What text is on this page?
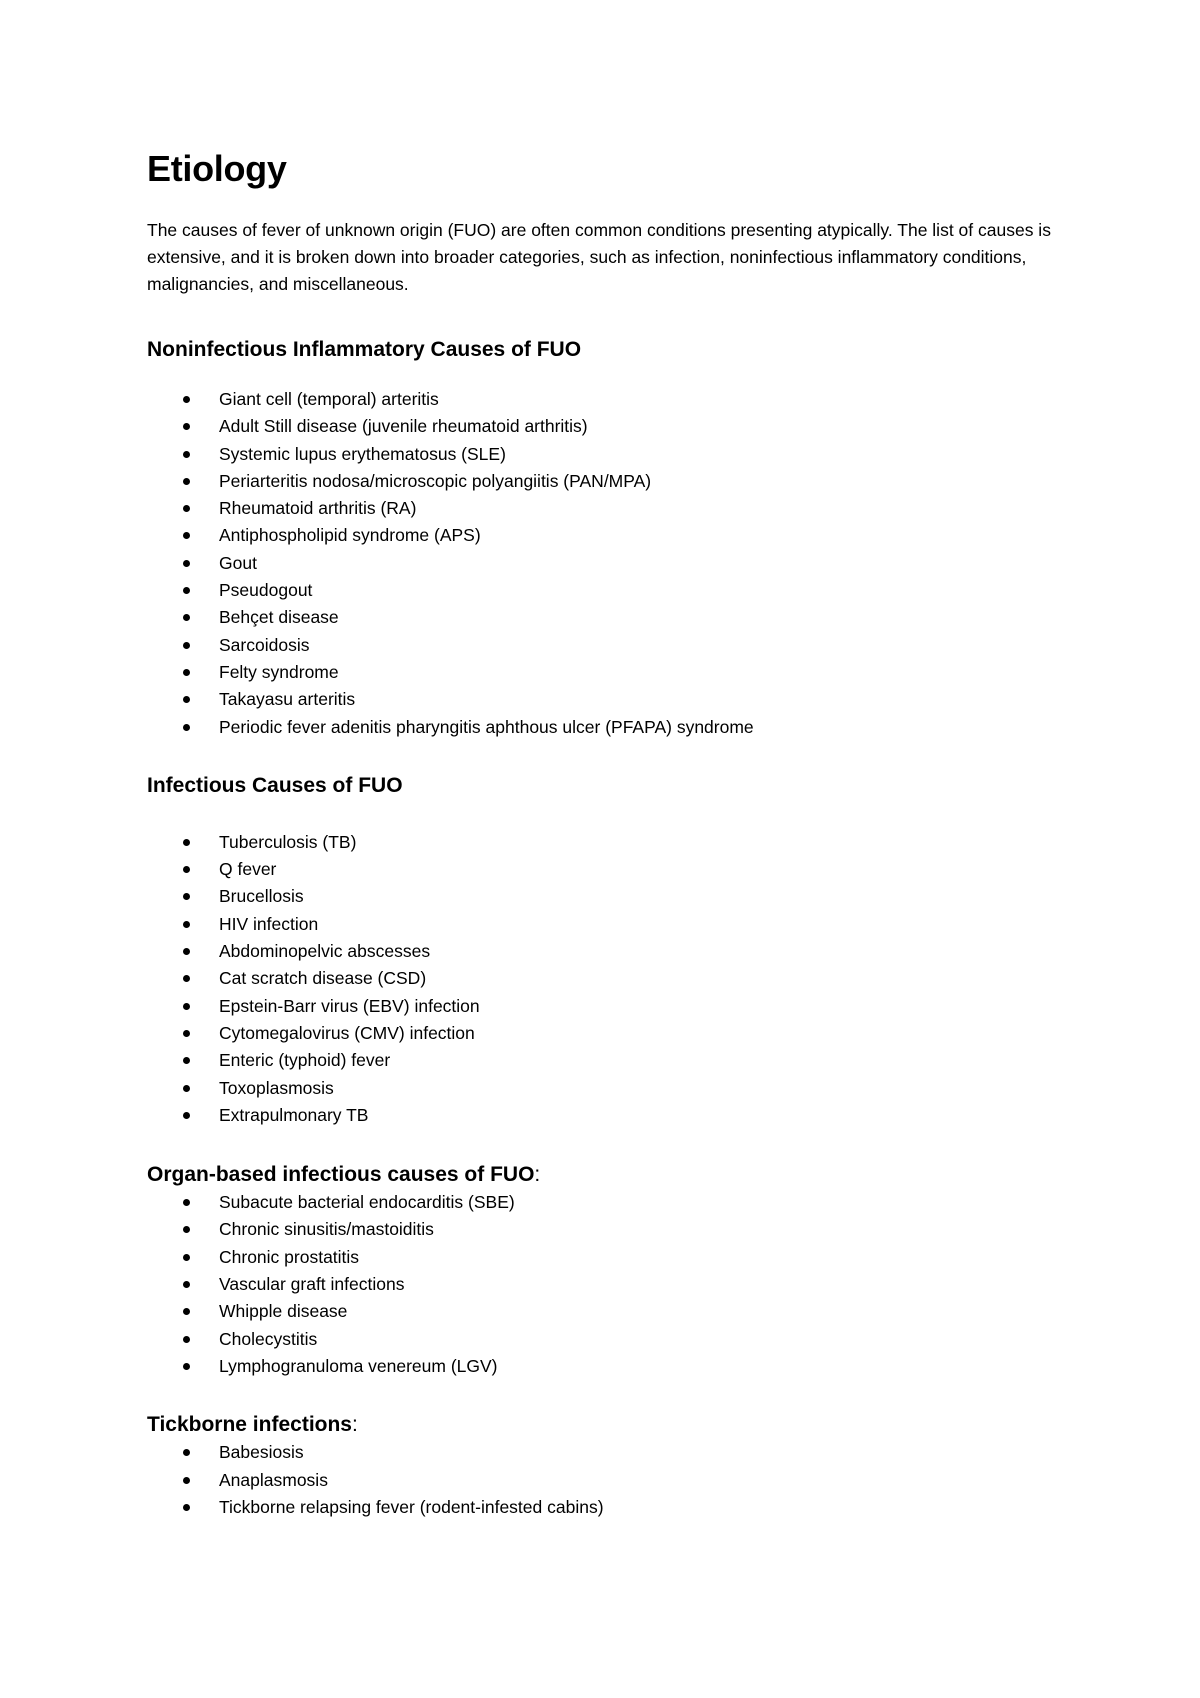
Etiology

The causes of fever of unknown origin (FUO) are often common conditions presenting atypically. The list of causes is extensive, and it is broken down into broader categories, such as infection, noninfectious inflammatory conditions, malignancies, and miscellaneous.

Noninfectious Inflammatory Causes of FUO
Giant cell (temporal) arteritis
Adult Still disease (juvenile rheumatoid arthritis)
Systemic lupus erythematosus (SLE)
Periarteritis nodosa/microscopic polyangiitis (PAN/MPA)
Rheumatoid arthritis (RA)
Antiphospholipid syndrome (APS)
Gout
Pseudogout
Behçet disease
Sarcoidosis
Felty syndrome
Takayasu arteritis
Periodic fever adenitis pharyngitis aphthous ulcer (PFAPA) syndrome
Infectious Causes of FUO
Tuberculosis (TB)
Q fever
Brucellosis
HIV infection
Abdominopelvic abscesses
Cat scratch disease (CSD)
Epstein-Barr virus (EBV) infection
Cytomegalovirus (CMV) infection
Enteric (typhoid) fever
Toxoplasmosis
Extrapulmonary TB
Organ-based infectious causes of FUO:
Subacute bacterial endocarditis (SBE)
Chronic sinusitis/mastoiditis
Chronic prostatitis
Vascular graft infections
Whipple disease
Cholecystitis
Lymphogranuloma venereum (LGV)
Tickborne infections:
Babesiosis
Anaplasmosis
Tickborne relapsing fever (rodent-infested cabins)
